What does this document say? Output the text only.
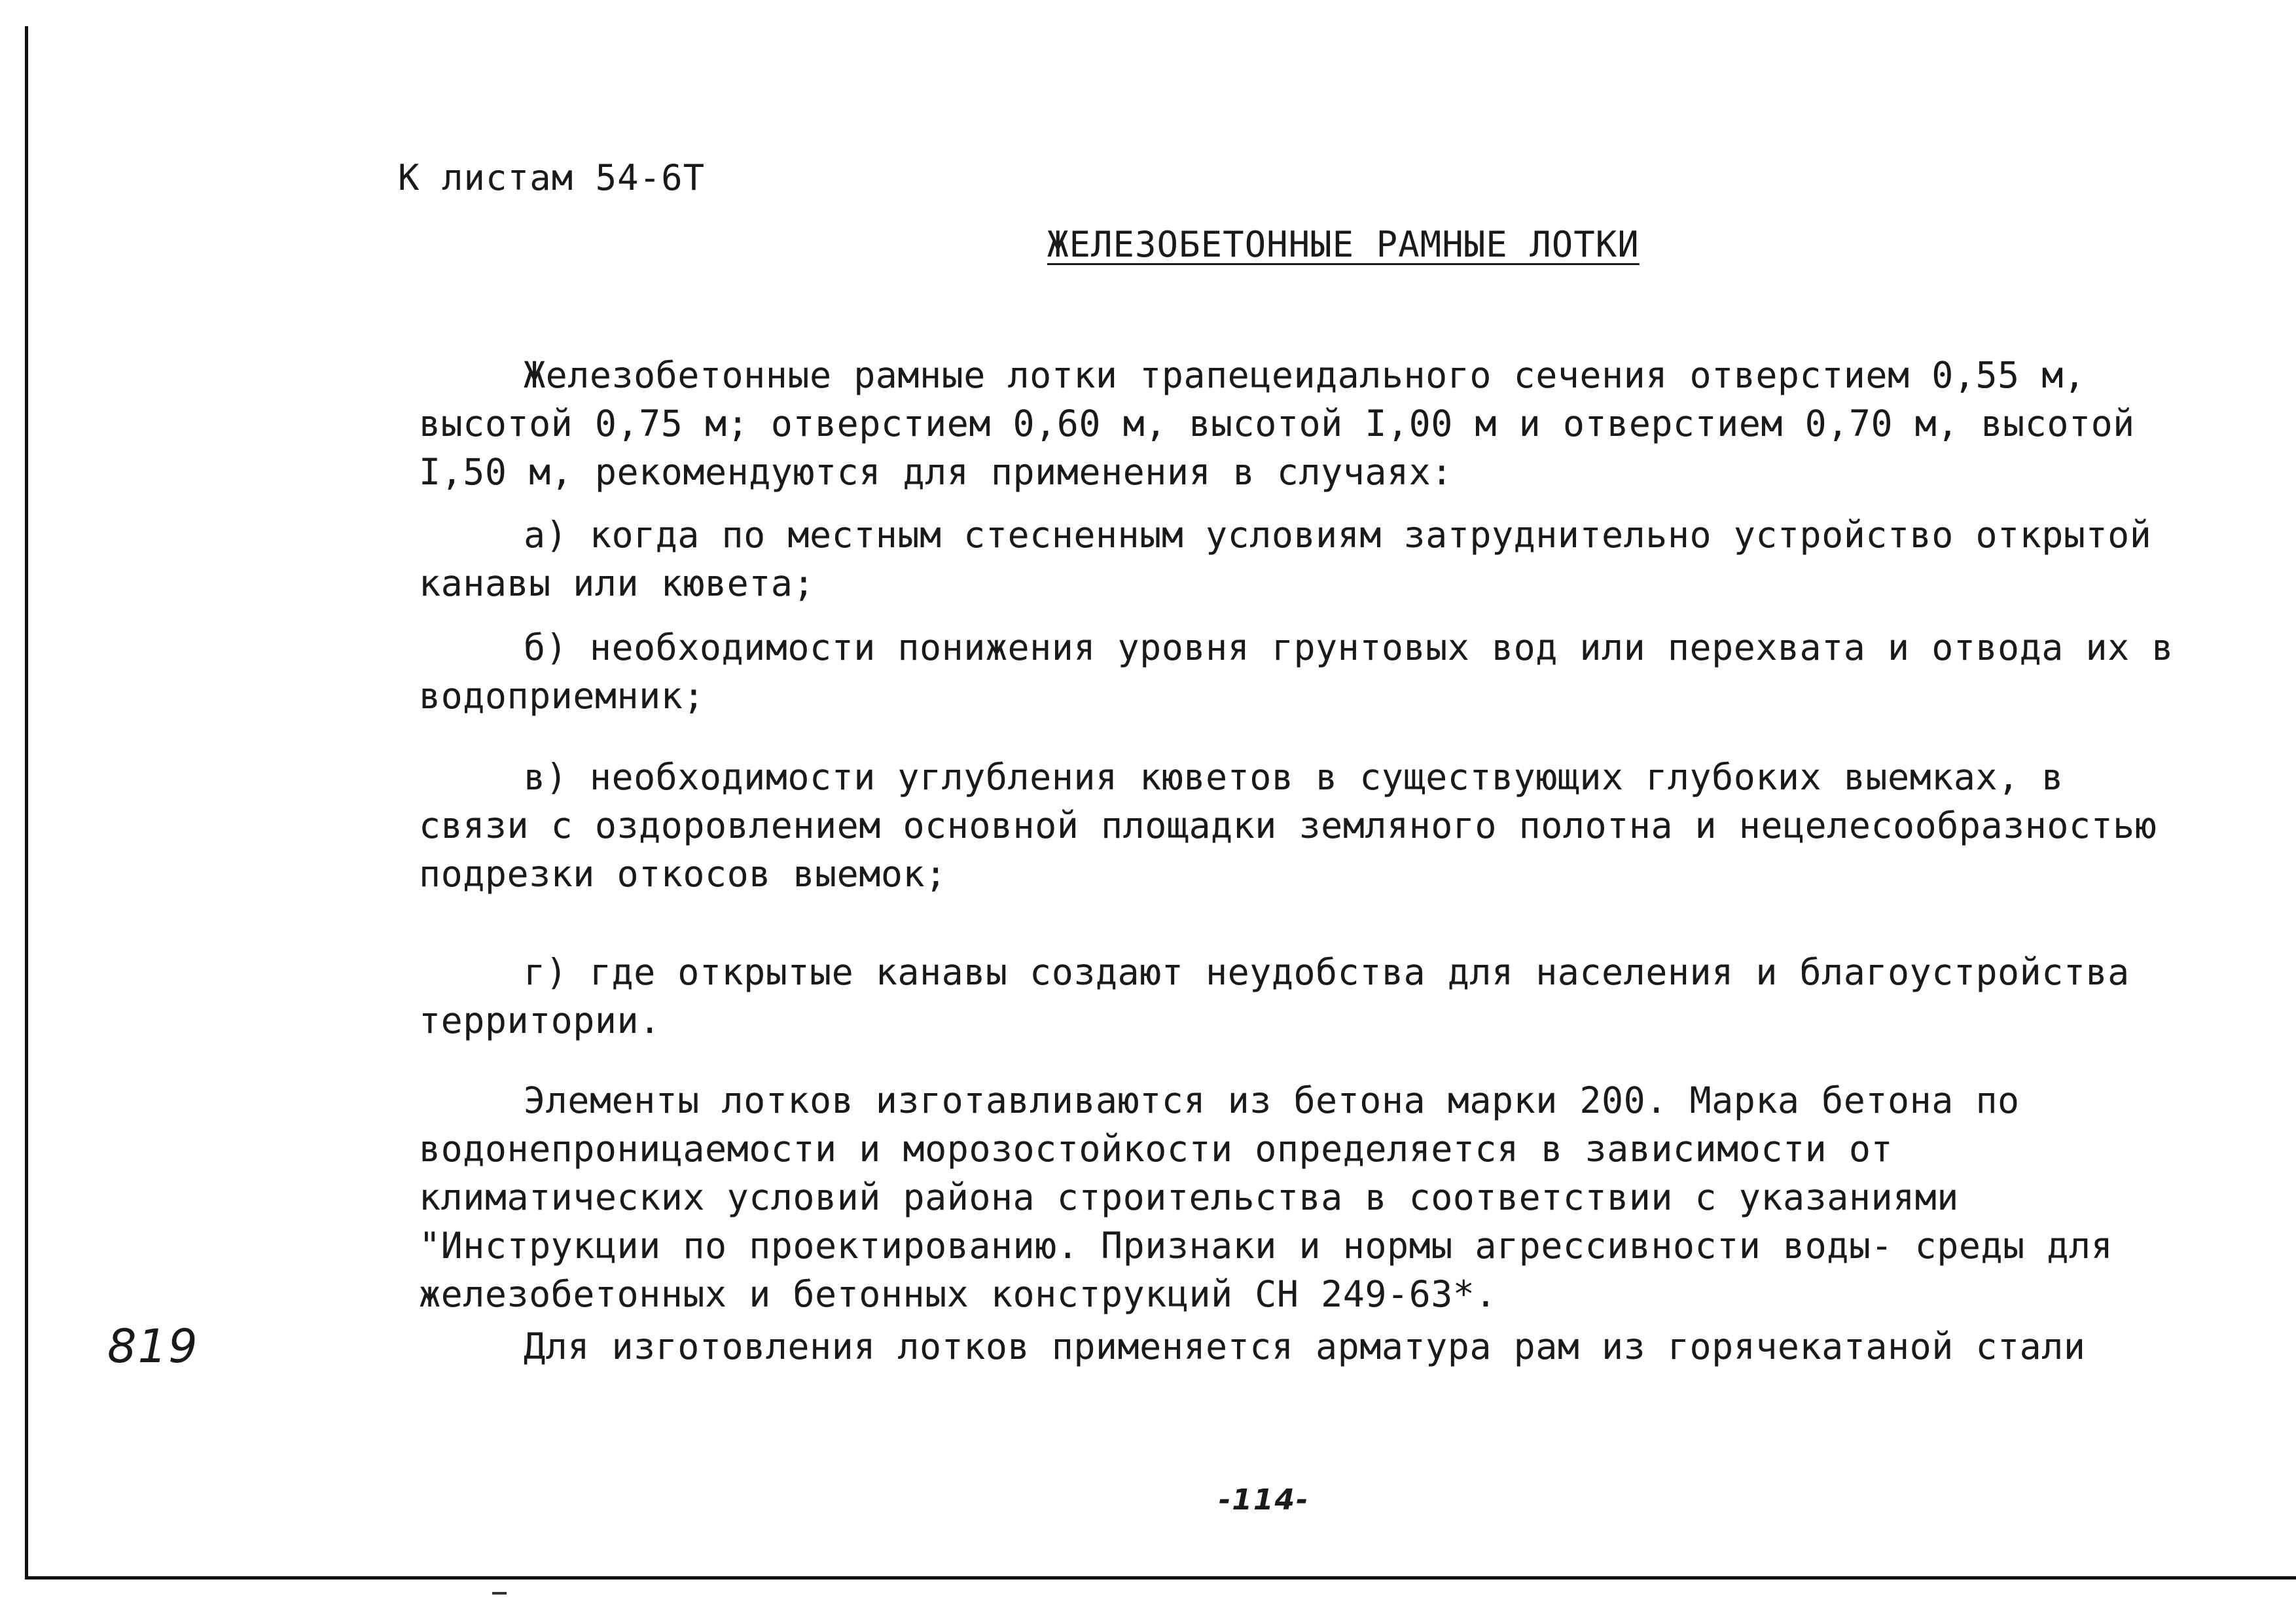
К листам 54-6Т
ЖЕЛЕЗОБЕТОННЫЕ РАМНЫЕ ЛОТКИ

Железобетонные рамные лотки трапецеидального сечения отверстием 0,55 м, высотой 0,75 м; отверстием 0,60 м, высотой I,00 м и отверстием 0,70 м, высотой I,50 м, рекомендуются для применения в случаях:

а) когда по местным стесненным условиям затруднительно устройство открытой канавы или кювета;

б) необходимости понижения уровня грунтовых вод или перехвата и отвода их в водоприемник;

в) необходимости углубления кюветов в существующих глубоких выемках, в связи с оздоровлением основной площадки земляного полотна и нецелесообразностью подрезки откосов выемок;

г) где открытые канавы создают неудобства для населения и благоустройства территории.

Элементы лотков изготавливаются из бетона марки 200. Марка бетона по водонепроницаемости и морозостойкости определяется в зависимости от климатических условий района строительства в соответствии с указаниями "Инструкции по проектированию. Признаки и нормы агрессивности воды- среды для железобетонных и бетонных конструкций СН 249-63*.

Для изготовления лотков применяется арматура рам из горячекатаной стали

819
-114-
